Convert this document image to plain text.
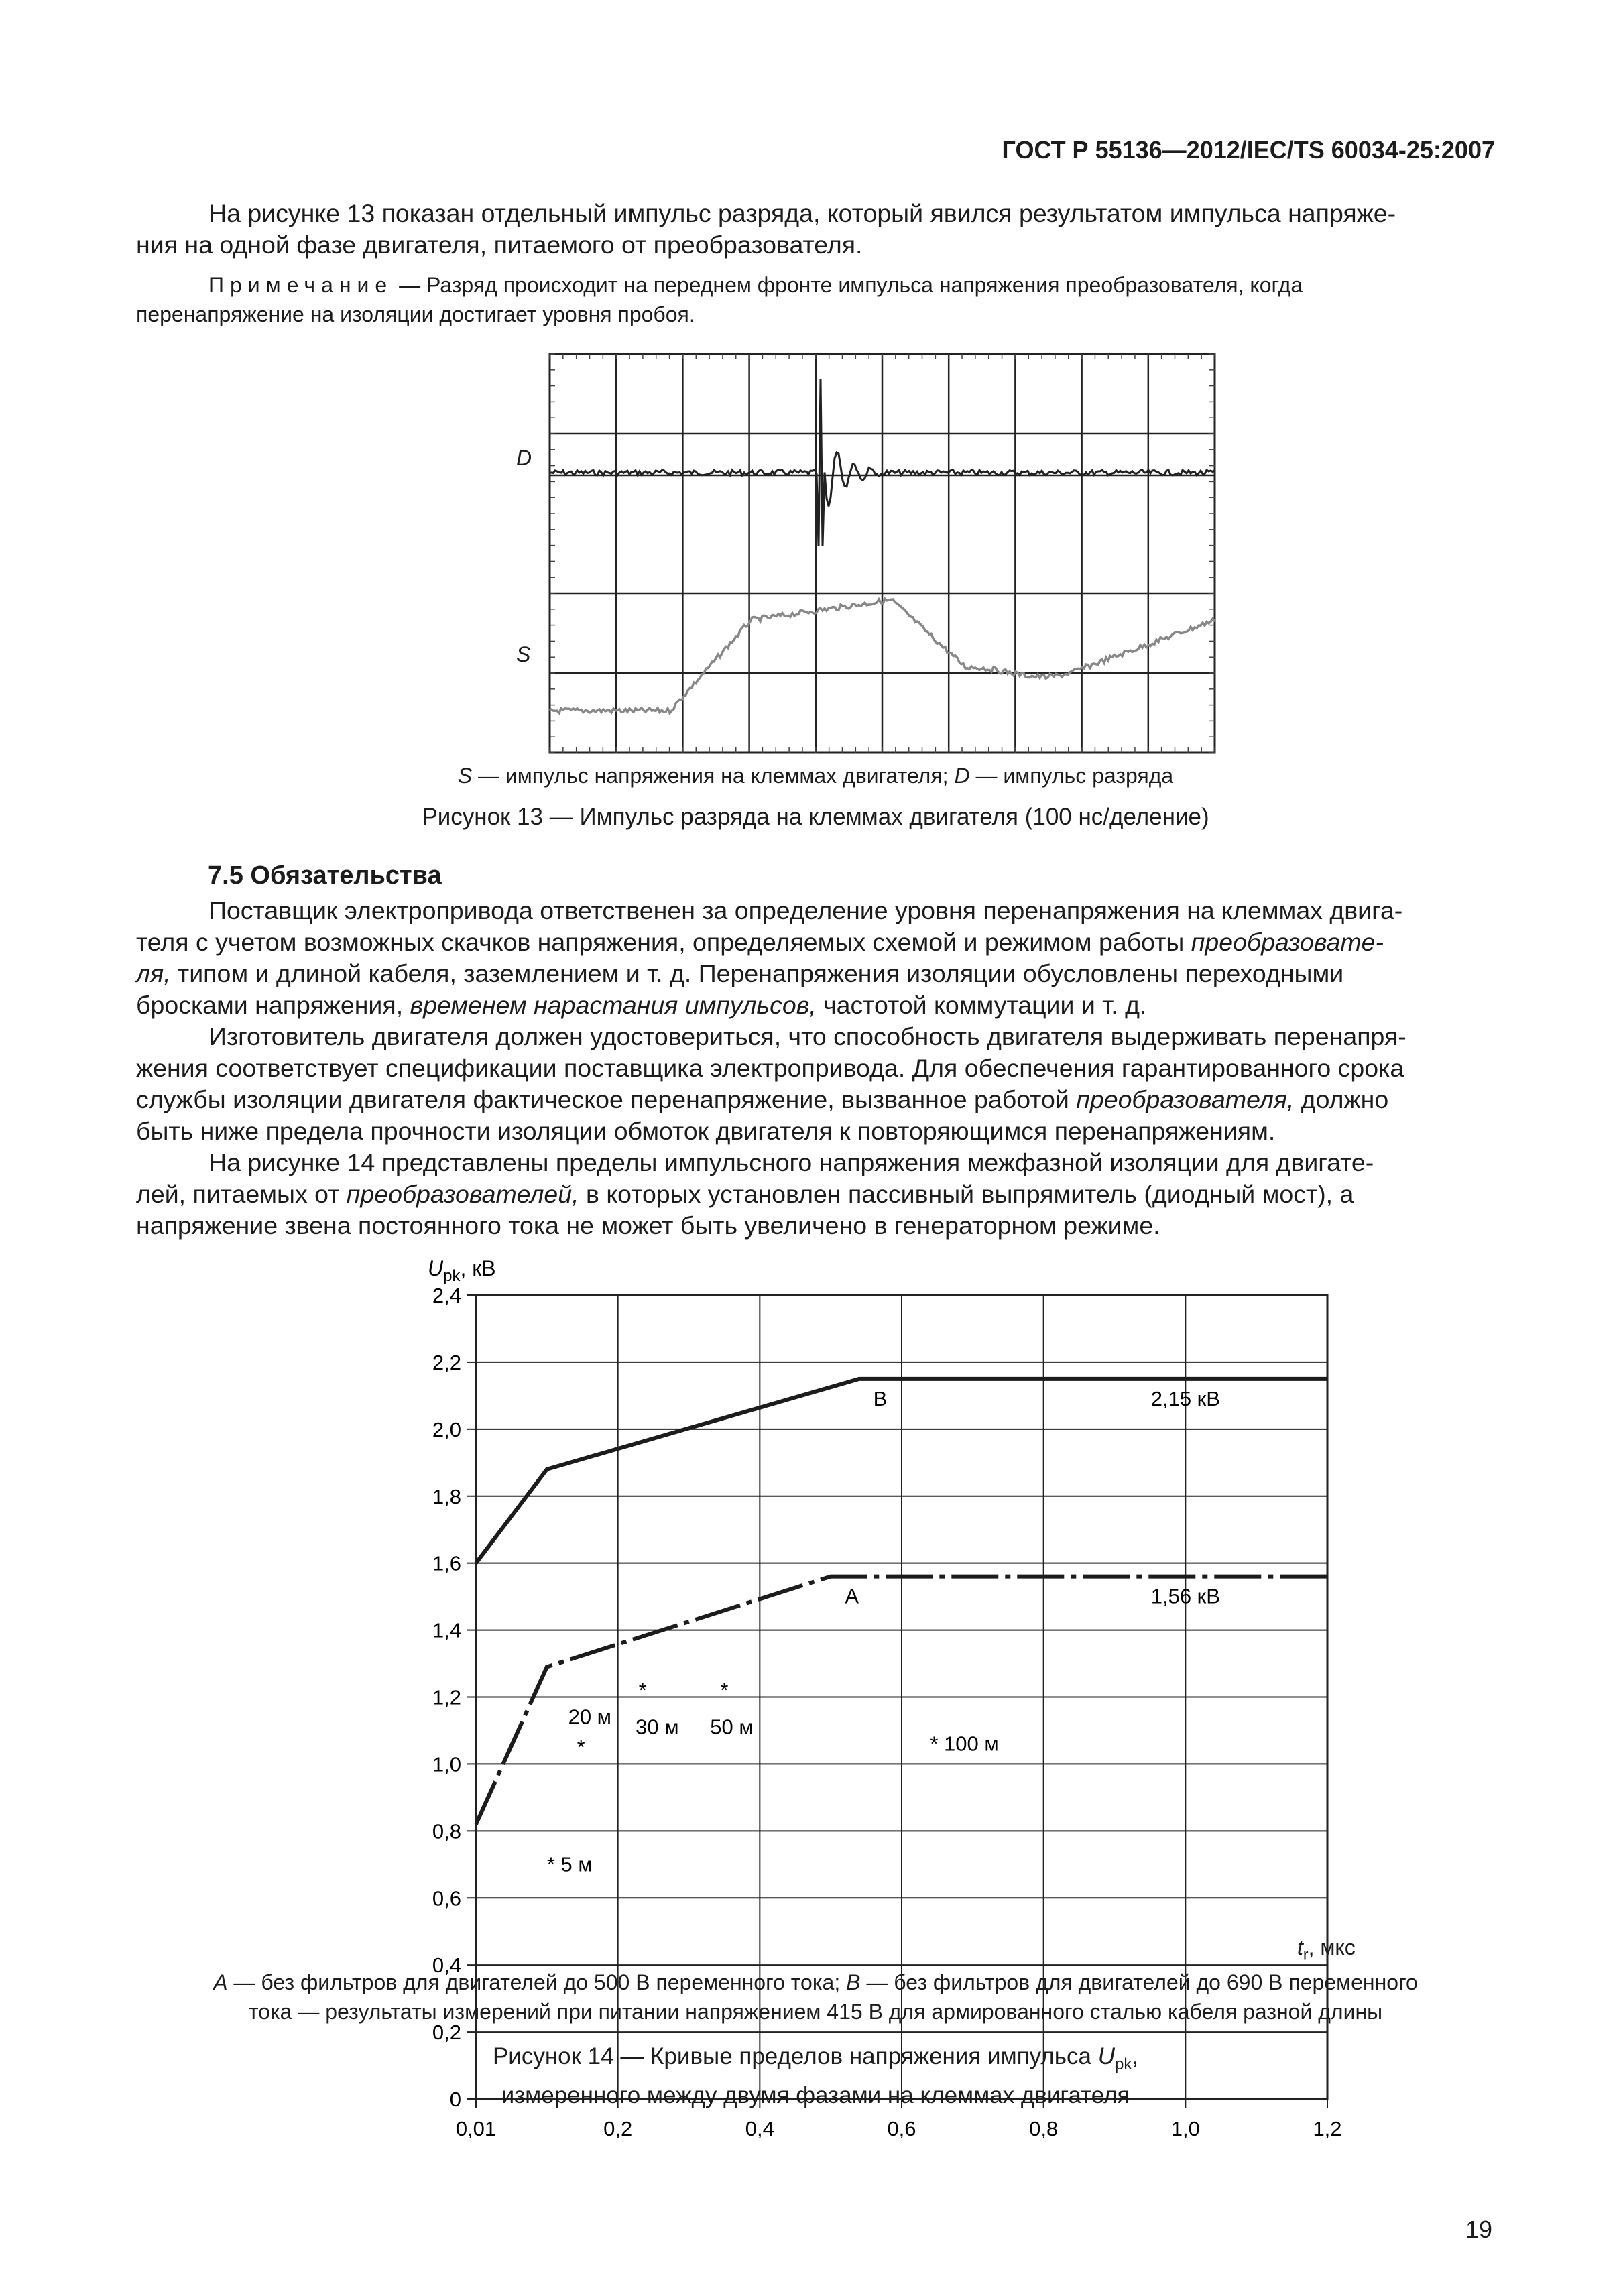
ГОСТ Р 55136—2012/IEC/TS 60034-25:2007
На рисунке 13 показан отдельный импульс разряда, который явился результатом импульса напряже-
ния на одной фазе двигателя, питаемого от преобразователя.
Примечание — Разряд происходит на переднем фронте импульса напряжения преобразователя, когда
перенапряжение на изоляции достигает уровня пробоя.
D
S
S — импульс напряжения на клеммах двигателя; D — импульс разряда
Рисунок 13 — Импульс разряда на клеммах двигателя (100 нс/деление)
7.5 Обязательства
Поставщик электропривода ответственен за определение уровня перенапряжения на клеммах двига-
теля с учетом возможных скачков напряжения, определяемых схемой и режимом работы преобразовате-
ля, типом и длиной кабеля, заземлением и т. д. Перенапряжения изоляции обусловлены переходными
бросками напряжения, временем нарастания импульсов, частотой коммутации и т. д.
Изготовитель двигателя должен удостовериться, что способность двигателя выдерживать перенапря-
жения соответствует спецификации поставщика электропривода. Для обеспечения гарантированного срока
службы изоляции двигателя фактическое перенапряжение, вызванное работой преобразователя, должно
быть ниже предела прочности изоляции обмоток двигателя к повторяющимся перенапряжениям.
На рисунке 14 представлены пределы импульсного напряжения межфазной изоляции для двигате-
лей, питаемых от преобразователей, в которых установлен пассивный выпрямитель (диодный мост), а
напряжение звена постоянного тока не может быть увеличено в генераторном режиме.
2,4
2,2
2,0
1,8
1,6
1,4
1,2
1,0
0,8
0,6
0,4
0,2
0
0,01	0,2	0,4	0,6	0,8	1,0	1,2
B	2,15 кВ
A	1,56 кВ
20 м
*
*
30 м
*
50 м
* 100 м
* 5 м
$U_{pk}$, кВ
$t_r$, мкс
A — без фильтров для двигателей до 500 В переменного тока; B — без фильтров для двигателей до 690 В переменного
тока — результаты измерений при питании напряжением 415 В для армированного сталью кабеля разной длины
Рисунок 14 — Кривые пределов напряжения импульса $U_{pk}$,
измеренного между двумя фазами на клеммах двигателя
19
